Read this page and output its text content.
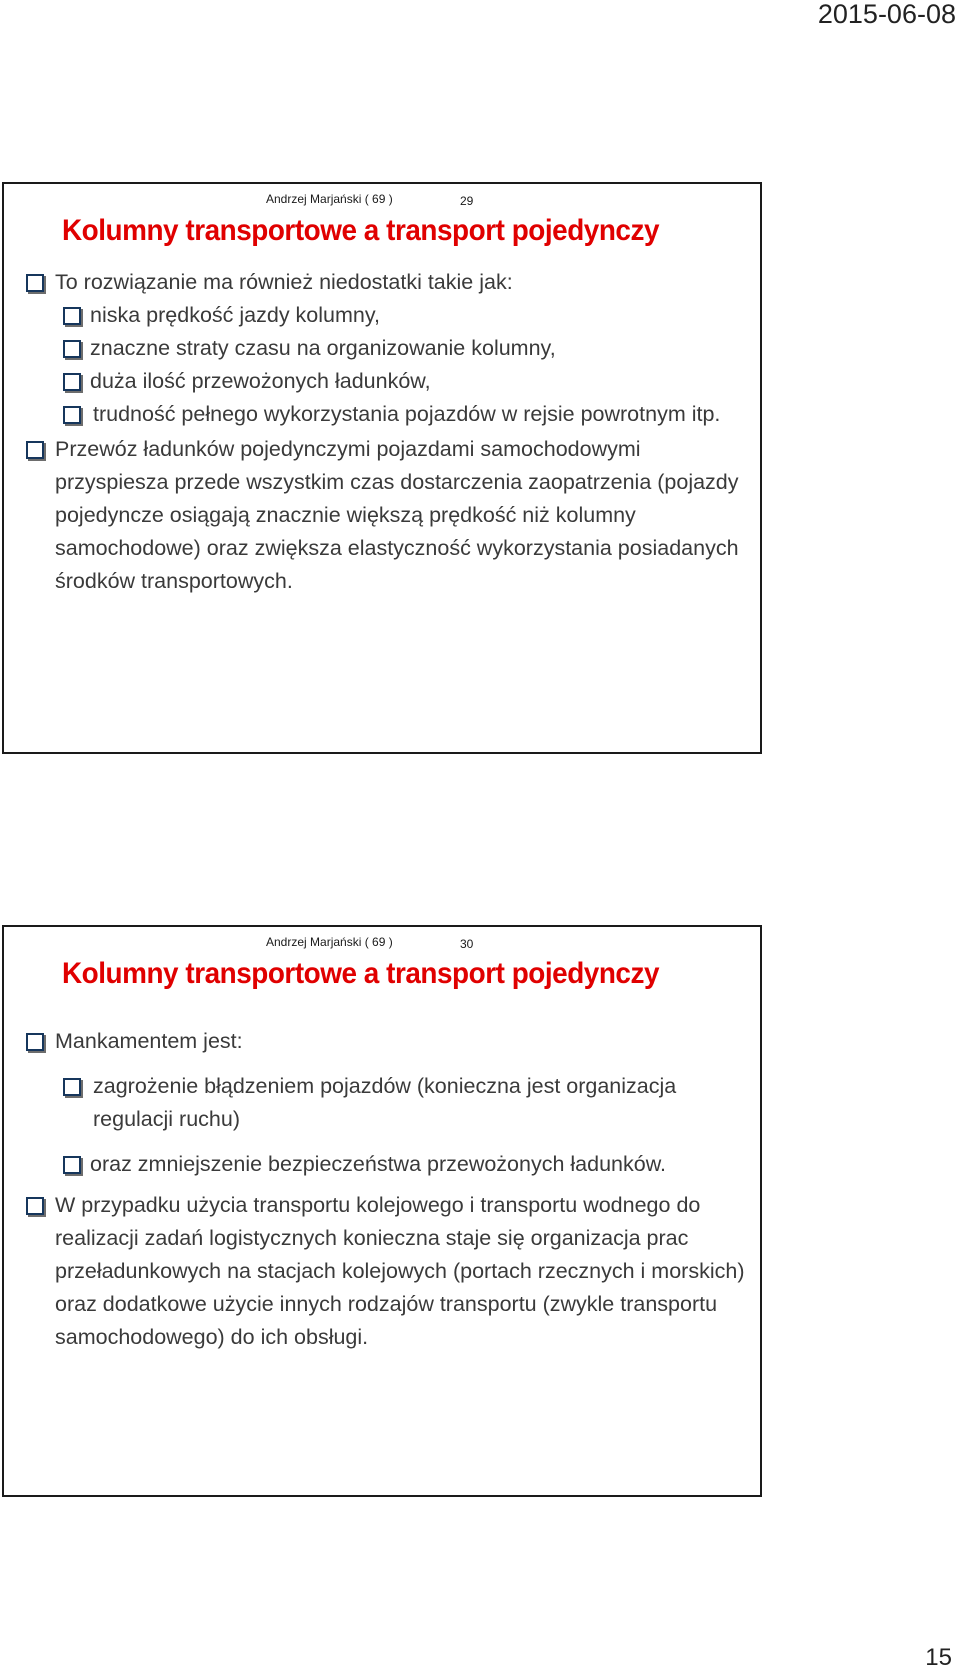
2015-06-08
Andrzej Marjański ( 69 )	29
Kolumny transportowe a transport pojedynczy
To rozwiązanie ma również niedostatki takie jak:
niska prędkość jazdy kolumny,
znaczne straty czasu na organizowanie kolumny,
duża ilość przewożonych ładunków,
trudność pełnego wykorzystania pojazdów w rejsie powrotnym itp.
Przewóz ładunków pojedynczymi pojazdami samochodowymi przyspiesza przede wszystkim czas dostarczenia zaopatrzenia (pojazdy pojedyncze osiągają znacznie większą prędkość niż kolumny samochodowe) oraz zwiększa elastyczność wykorzystania posiadanych środków transportowych.
Andrzej Marjański ( 69 )	30
Kolumny transportowe a transport pojedynczy
Mankamentem jest:
zagrożenie błądzeniem pojazdów (konieczna jest organizacja regulacji ruchu)
oraz zmniejszenie bezpieczeństwa przewożonych ładunków.
W przypadku użycia transportu kolejowego i transportu wodnego do realizacji zadań logistycznych konieczna staje się organizacja prac przeładunkowych na stacjach kolejowych (portach rzecznych i morskich) oraz dodatkowe użycie innych rodzajów transportu (zwykle transportu samochodowego) do ich obsługi.
15
